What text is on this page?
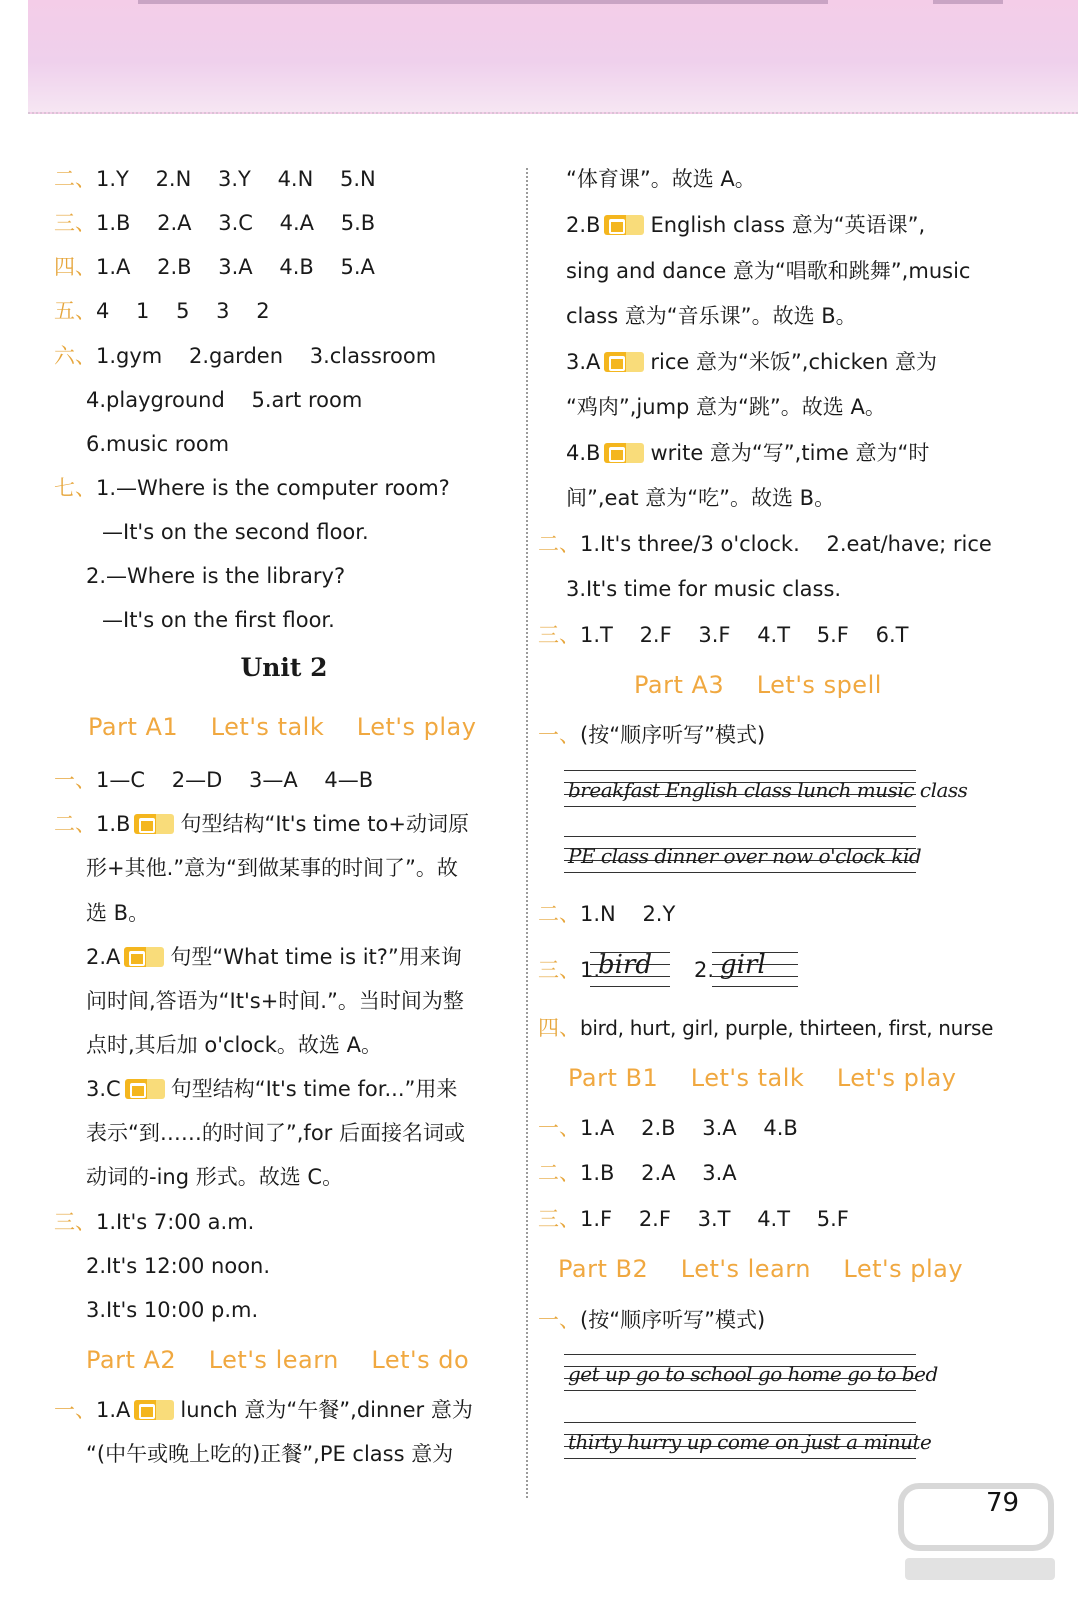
二、1.Y    2.N    3.Y    4.N    5.N
三、1.B    2.A    3.C    4.A    5.B
四、1.A    2.B    3.A    4.B    5.A
五、4    1    5    3    2
六、1.gym    2.garden    3.classroom
4.playground    5.art room
6.music room
七、1.—Where is the computer room?
—It's on the second floor.
2.—Where is the library?
—It's on the first floor.
Unit 2
Part A1    Let's talk    Let's play
一、1—C    2—D    3—A    4—B
二、1.B 句型结构“It's time to+动词原
形+其他.”意为“到做某事的时间了”。故
选 B。
2.A 句型“What time is it?”用来询
问时间,答语为“It's+时间.”。当时间为整
点时,其后加 o'clock。故选 A。
3.C 句型结构“It's time for...”用来
表示“到……的时间了”,for 后面接名词或
动词的-ing 形式。故选 C。
三、1.It's 7:00 a.m.
2.It's 12:00 noon.
3.It's 10:00 p.m.
Part A2    Let's learn    Let's do
一、1.A lunch 意为“午餐”,dinner 意为
“(中午或晚上吃的)正餐”,PE class 意为
“体育课”。故选 A。
2.B English class 意为“英语课”,
sing and dance 意为“唱歌和跳舞”,music
class 意为“音乐课”。故选 B。
3.A rice 意为“米饭”,chicken 意为
“鸡肉”,jump 意为“跳”。故选 A。
4.B write 意为“写”,time 意为“时
间”,eat 意为“吃”。故选 B。
二、1.It's three/3 o'clock.    2.eat/have; rice
3.It's time for music class.
三、1.T    2.F    3.F    4.T    5.F    6.T
Part A3    Let's spell
一、(按“顺序听写”模式)
breakfast English class lunch music class
PE class dinner over now o'clock kid
二、1.N    2.Y
三、1.
bird 2. girl
四、bird, hurt, girl, purple, thirteen, first, nurse
Part B1    Let's talk    Let's play
一、1.A    2.B    3.A    4.B
二、1.B    2.A    3.A
三、1.F    2.F    3.T    4.T    5.F
Part B2    Let's learn    Let's play
一、(按“顺序听写”模式)
get up go to school go home go to bed
thirty hurry up come on just a minute
79
